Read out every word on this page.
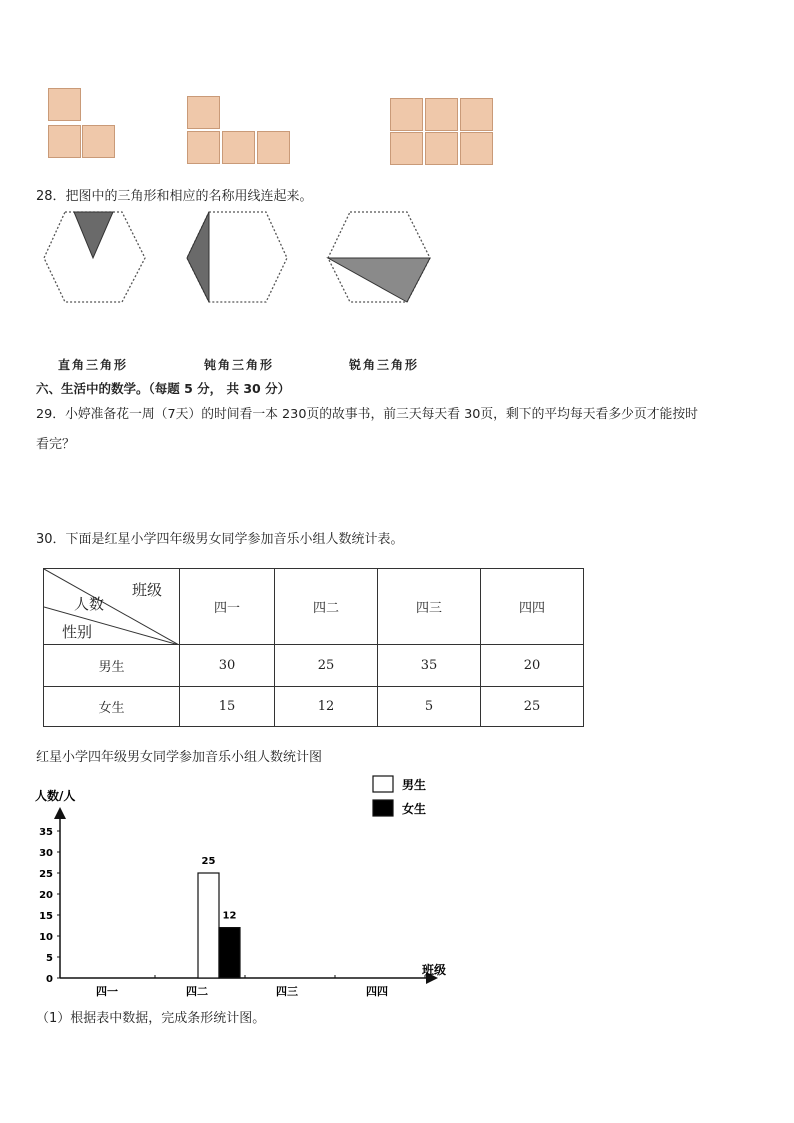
28．把图中的三角形和相应的名称用线连起来。
直角三角形	钝角三角形	锐角三角形
六、生活中的数学。（每题 5 分， 共 30 分）
29．小婷准备花一周（7天）的时间看一本 230页的故事书，前三天每天看 30页，剩下的平均每天看多少页才能按时
看完？
30．下面是红星小学四年级男女同学参加音乐小组人数统计表。
班级
人数
性别	四一	四二	四三	四四
男生	30	25	35	20
女生	15	12	5	25
红星小学四年级男女同学参加音乐小组人数统计图
人数/人
班级
0
5
10
15
20
25
30
35
四一	四二	四三	四四
25
12
男生
女生
（1）根据表中数据，完成条形统计图。
